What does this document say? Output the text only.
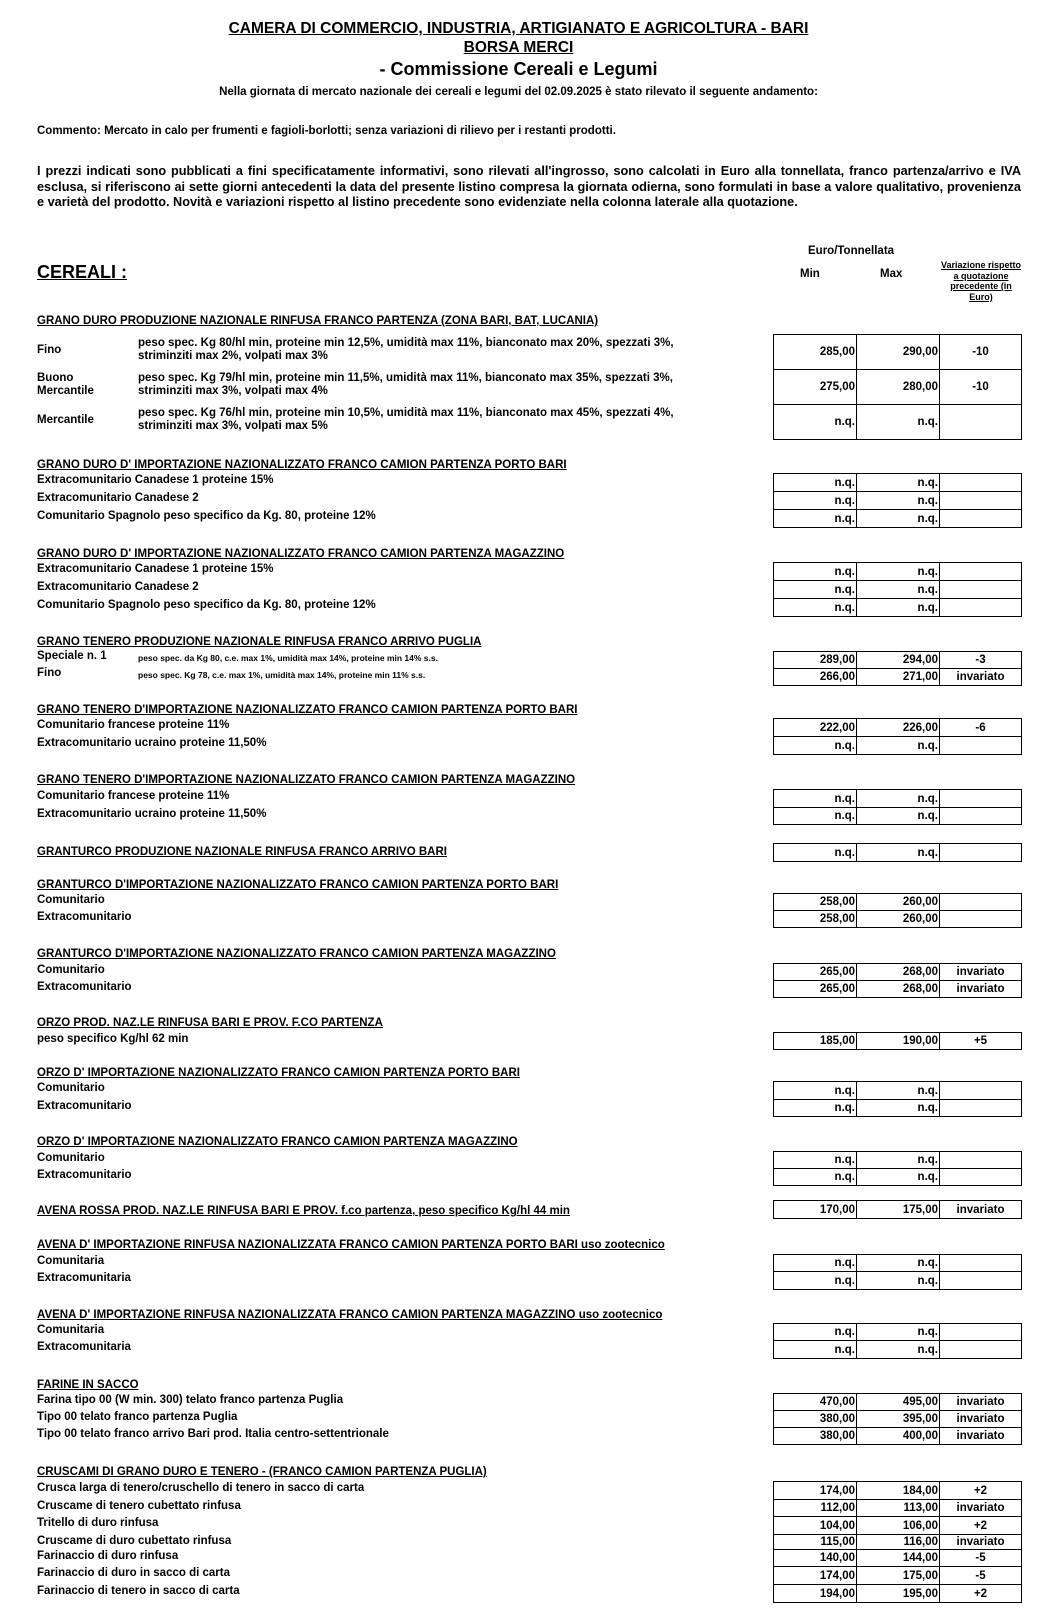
CAMERA DI COMMERCIO, INDUSTRIA, ARTIGIANATO E AGRICOLTURA - BARI
BORSA MERCI
- Commissione Cereali e Legumi
Nella giornata di mercato nazionale dei cereali e legumi del 02.09.2025 è stato rilevato il seguente andamento:
Commento: Mercato in calo per frumenti e fagioli-borlotti; senza variazioni di rilievo per i restanti prodotti.
I prezzi indicati sono pubblicati a fini specificatamente informativi, sono rilevati all'ingrosso, sono calcolati in Euro alla tonnellata, franco partenza/arrivo e IVA esclusa, si riferiscono ai sette giorni antecedenti la data del presente listino compresa la giornata odierna, sono formulati in base a valore qualitativo, provenienza e varietà del prodotto. Novità e variazioni rispetto al listino precedente sono evidenziate nella colonna laterale alla quotazione.
Euro/Tonnellata
CEREALI :	Min	Max
Variazione rispetto a quotazione precedente (in Euro)
GRANO DURO PRODUZIONE NAZIONALE RINFUSA FRANCO PARTENZA (ZONA BARI, BAT, LUCANIA)
Fino
peso spec. Kg 80/hl min, proteine min 12,5%, umidità max 11%, bianconato max 20%, spezzati 3%, striminziti max 2%, volpati max 3%	285,00	290,00	-10
Buono Mercantile
peso spec. Kg 79/hl min, proteine min 11,5%, umidità max 11%, bianconato max 35%, spezzati 3%, striminziti max 3%, volpati max 4%	275,00	280,00	-10
Mercantile
peso spec. Kg 76/hl min, proteine min 10,5%, umidità max 11%, bianconato max 45%, spezzati 4%, striminziti max 3%, volpati max 5%	n.q.	n.q.
GRANO DURO D' IMPORTAZIONE NAZIONALIZZATO FRANCO CAMION PARTENZA PORTO BARI
Extracomunitario Canadese 1 proteine 15%	n.q.	n.q.
Extracomunitario Canadese 2	n.q.	n.q.
Comunitario Spagnolo peso specifico da Kg. 80, proteine 12%	n.q.	n.q.
GRANO DURO D' IMPORTAZIONE NAZIONALIZZATO FRANCO CAMION PARTENZA MAGAZZINO
Extracomunitario Canadese 1 proteine 15%	n.q.	n.q.
Extracomunitario Canadese 2	n.q.	n.q.
Comunitario Spagnolo peso specifico da Kg. 80, proteine 12%	n.q.	n.q.
GRANO TENERO PRODUZIONE NAZIONALE RINFUSA FRANCO ARRIVO PUGLIA
Speciale n. 1	peso spec. da Kg 80, c.e. max 1%, umidità max 14%, proteine min 14% s.s.	289,00	294,00	-3
Fino	peso spec. Kg 78, c.e. max 1%, umidità max 14%, proteine min 11% s.s.	266,00	271,00	invariato
GRANO TENERO D'IMPORTAZIONE NAZIONALIZZATO FRANCO CAMION PARTENZA PORTO BARI
Comunitario francese proteine 11%	222,00	226,00	-6
Extracomunitario ucraino proteine 11,50%	n.q.	n.q.
GRANO TENERO D'IMPORTAZIONE NAZIONALIZZATO FRANCO CAMION PARTENZA MAGAZZINO
Comunitario francese proteine 11%	n.q.	n.q.
Extracomunitario ucraino proteine 11,50%	n.q.	n.q.
GRANTURCO PRODUZIONE NAZIONALE RINFUSA FRANCO ARRIVO BARI	n.q.	n.q.
GRANTURCO D'IMPORTAZIONE NAZIONALIZZATO FRANCO CAMION PARTENZA PORTO BARI
Comunitario	258,00	260,00
Extracomunitario	258,00	260,00
GRANTURCO D'IMPORTAZIONE NAZIONALIZZATO FRANCO CAMION PARTENZA MAGAZZINO
Comunitario	265,00	268,00	invariato
Extracomunitario	265,00	268,00	invariato
ORZO PROD. NAZ.LE RINFUSA BARI E PROV. F.CO PARTENZA
peso specifico Kg/hl 62 min	185,00	190,00	+5
ORZO D' IMPORTAZIONE NAZIONALIZZATO FRANCO CAMION PARTENZA PORTO BARI
Comunitario	n.q.	n.q.
Extracomunitario	n.q.	n.q.
ORZO D' IMPORTAZIONE NAZIONALIZZATO FRANCO CAMION PARTENZA MAGAZZINO
Comunitario	n.q.	n.q.
Extracomunitario	n.q.	n.q.
AVENA ROSSA PROD. NAZ.LE RINFUSA BARI E PROV. f.co partenza, peso specifico Kg/hl 44 min	170,00	175,00	invariato
AVENA D' IMPORTAZIONE RINFUSA NAZIONALIZZATA FRANCO CAMION PARTENZA PORTO BARI uso zootecnico
Comunitaria	n.q.	n.q.
Extracomunitaria	n.q.	n.q.
AVENA D' IMPORTAZIONE RINFUSA NAZIONALIZZATA FRANCO CAMION PARTENZA MAGAZZINO uso zootecnico
Comunitaria	n.q.	n.q.
Extracomunitaria	n.q.	n.q.
FARINE IN SACCO
Farina tipo 00 (W min. 300) telato franco partenza Puglia	470,00	495,00	invariato
Tipo 00 telato franco partenza Puglia	380,00	395,00	invariato
Tipo 00 telato franco arrivo Bari prod. Italia centro-settentrionale	380,00	400,00	invariato
CRUSCAMI DI GRANO DURO E TENERO - (FRANCO CAMION PARTENZA PUGLIA)
Crusca larga di tenero/cruschello di tenero in sacco di carta	174,00	184,00	+2
Cruscame di tenero cubettato rinfusa	112,00	113,00	invariato
Tritello di duro rinfusa	104,00	106,00	+2
Cruscame di duro cubettato rinfusa	115,00	116,00	invariato
Farinaccio di duro rinfusa	140,00	144,00	-5
Farinaccio di duro in sacco di carta	174,00	175,00	-5
Farinaccio di tenero in sacco di carta	194,00	195,00	+2
